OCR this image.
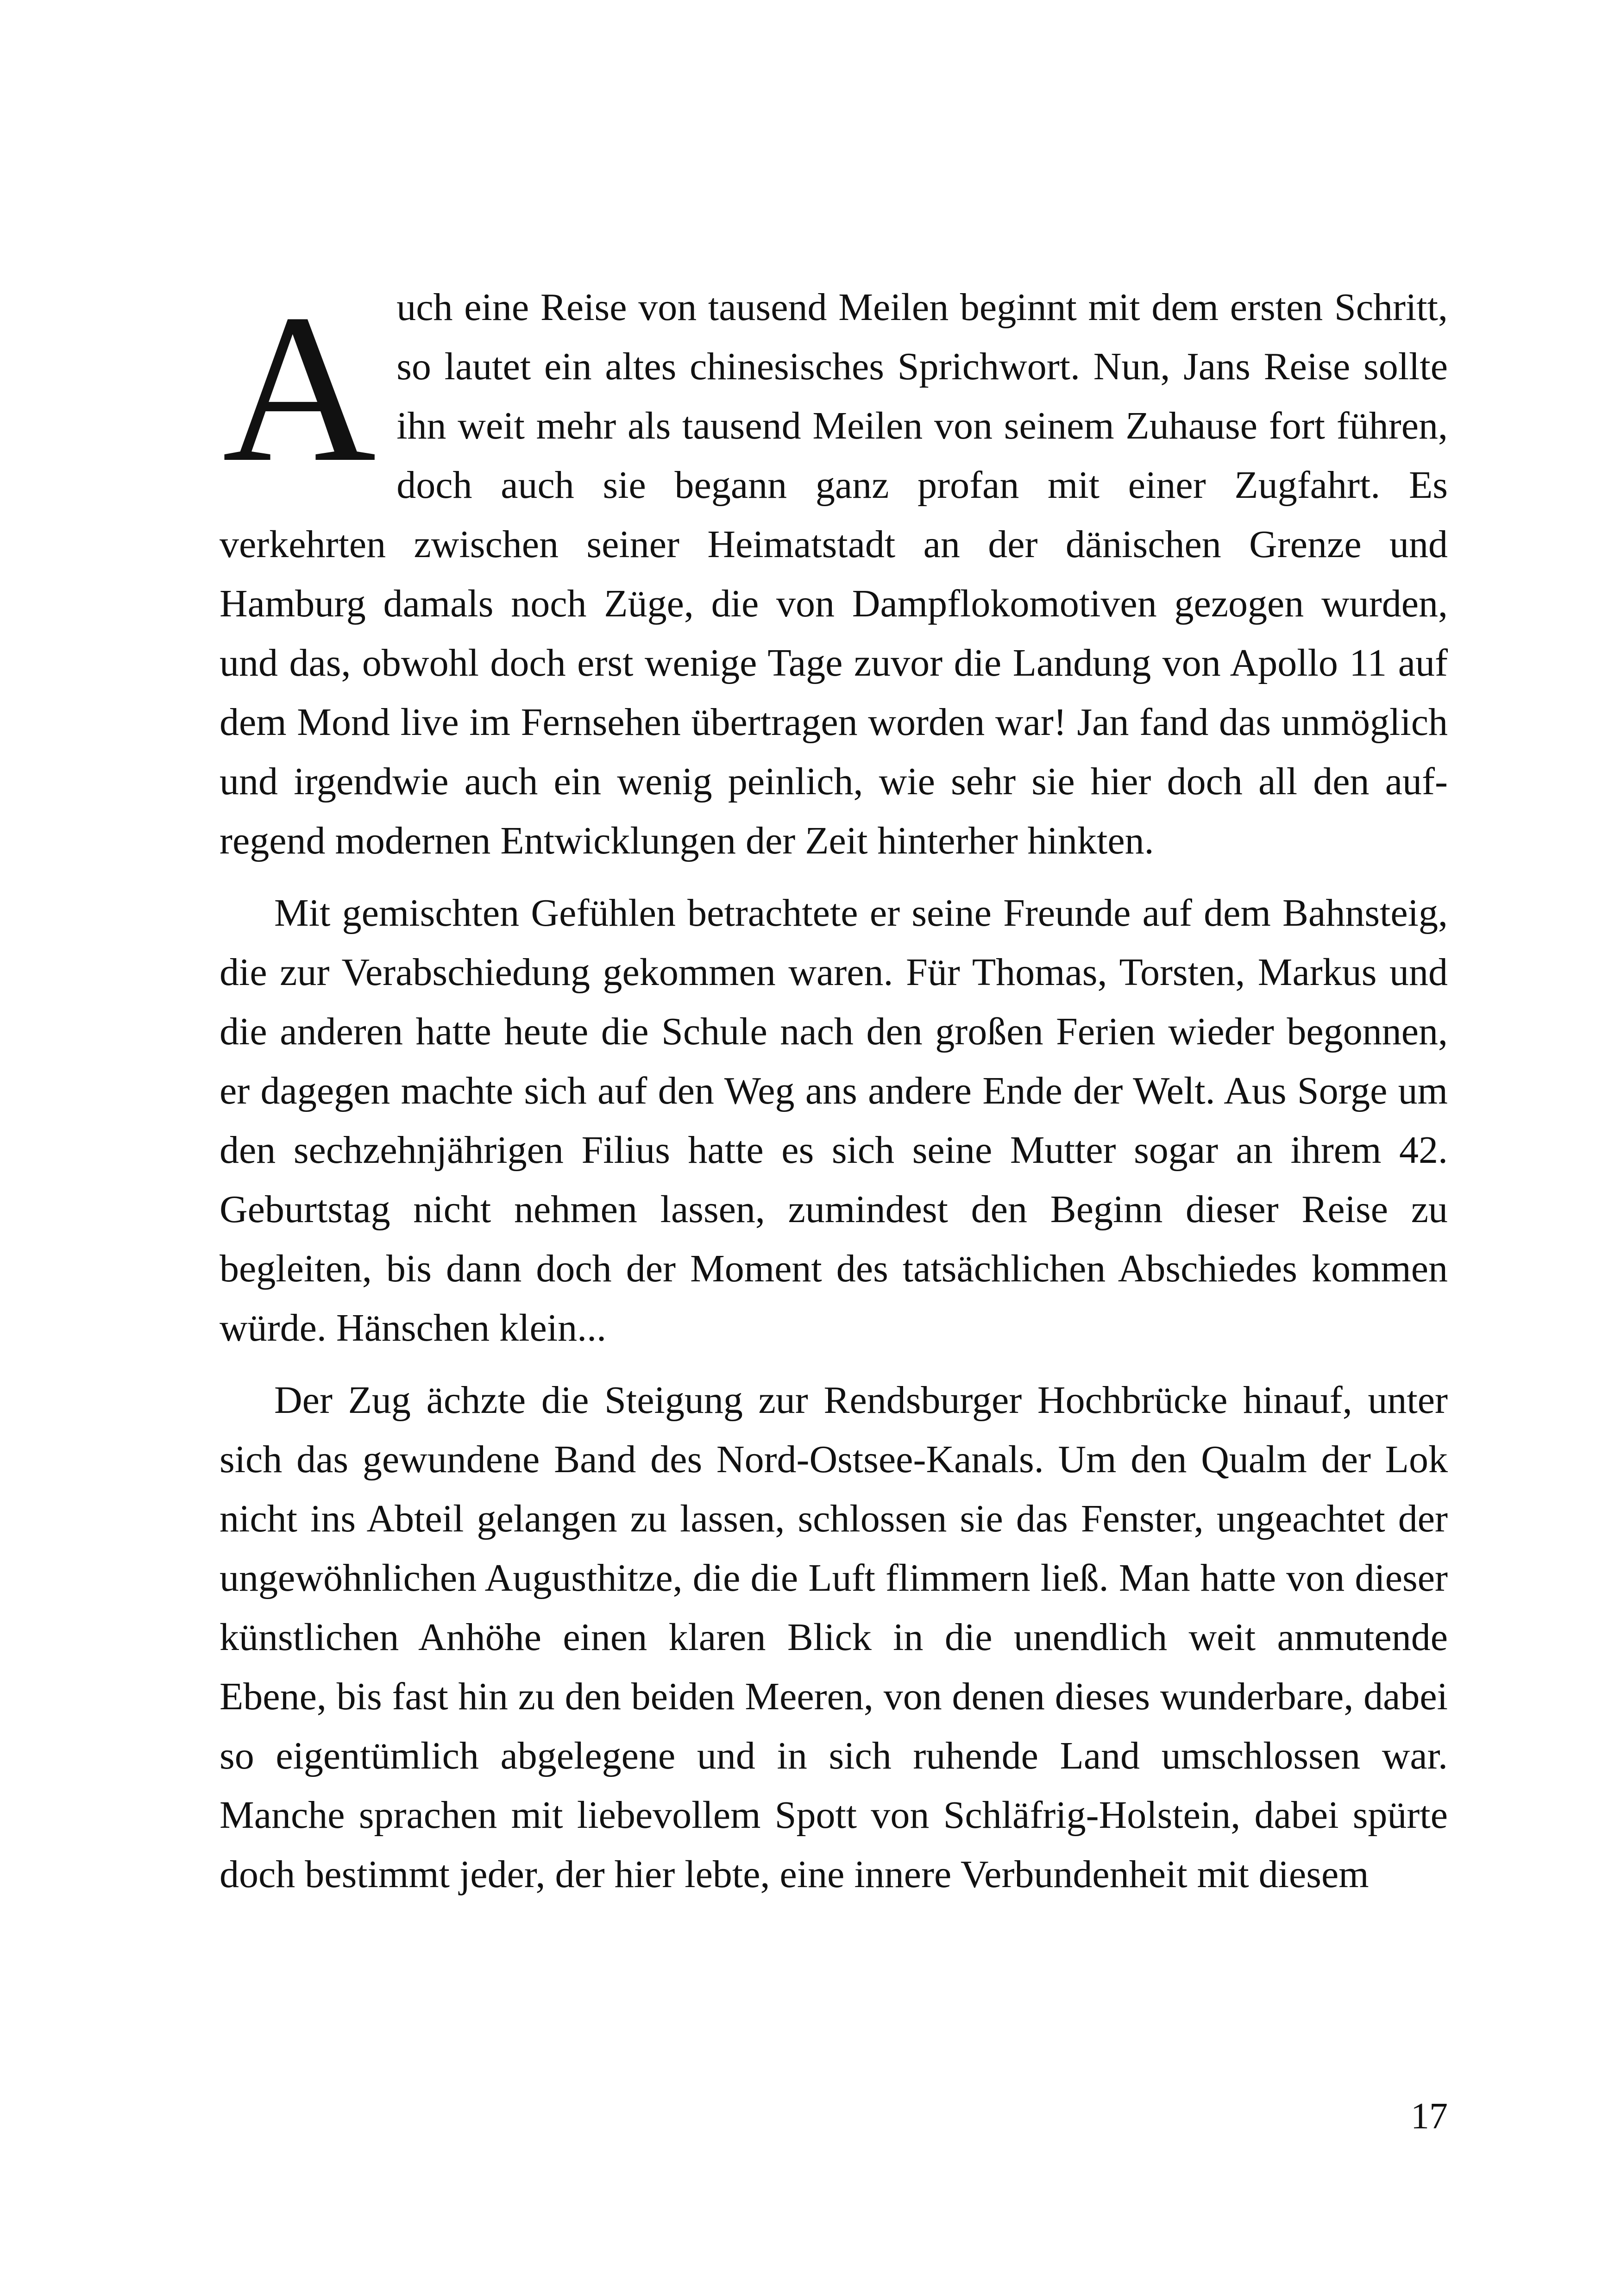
Auch eine Reise von tausend Meilen beginnt mit dem ersten Schritt, so lautet ein altes chinesisches Sprichwort. Nun, Jans Reise sollte ihn weit mehr als tausend Meilen von seinem Zuhause fort führen, doch auch sie begann ganz profan mit einer Zugfahrt. Es verkehrten zwischen seiner Heimatstadt an der dänischen Grenze und Hamburg damals noch Züge, die von Dampflokomotiven gezogen wurden, und das, obwohl doch erst wenige Tage zuvor die Landung von Apollo 11 auf dem Mond live im Fernsehen übertragen worden war! Jan fand das unmöglich und irgendwie auch ein wenig peinlich, wie sehr sie hier doch all den aufregend modernen Entwicklungen der Zeit hinterher hinkten.

Mit gemischten Gefühlen betrachtete er seine Freunde auf dem Bahnsteig, die zur Verabschiedung gekommen waren. Für Thomas, Torsten, Markus und die anderen hatte heute die Schule nach den großen Ferien wieder begonnen, er dagegen machte sich auf den Weg ans andere Ende der Welt. Aus Sorge um den sechzehnjährigen Filius hatte es sich seine Mutter sogar an ihrem 42. Geburtstag nicht nehmen lassen, zumindest den Beginn dieser Reise zu begleiten, bis dann doch der Moment des tatsächlichen Abschiedes kommen würde. Hänschen klein...

Der Zug ächzte die Steigung zur Rendsburger Hochbrücke hinauf, unter sich das gewundene Band des Nord-Ostsee-Kanals. Um den Qualm der Lok nicht ins Abteil gelangen zu lassen, schlossen sie das Fenster, ungeachtet der ungewöhnlichen Augusthitze, die die Luft flimmern ließ. Man hatte von dieser künstlichen Anhöhe einen klaren Blick in die unendlich weit anmutende Ebene, bis fast hin zu den beiden Meeren, von denen dieses wunderbare, dabei so eigentümlich abgelegene und in sich ruhende Land umschlossen war. Manche sprachen mit liebevollem Spott von Schläfrig-Holstein, dabei spürte doch bestimmt jeder, der hier lebte, eine innere Verbundenheit mit diesem

17
